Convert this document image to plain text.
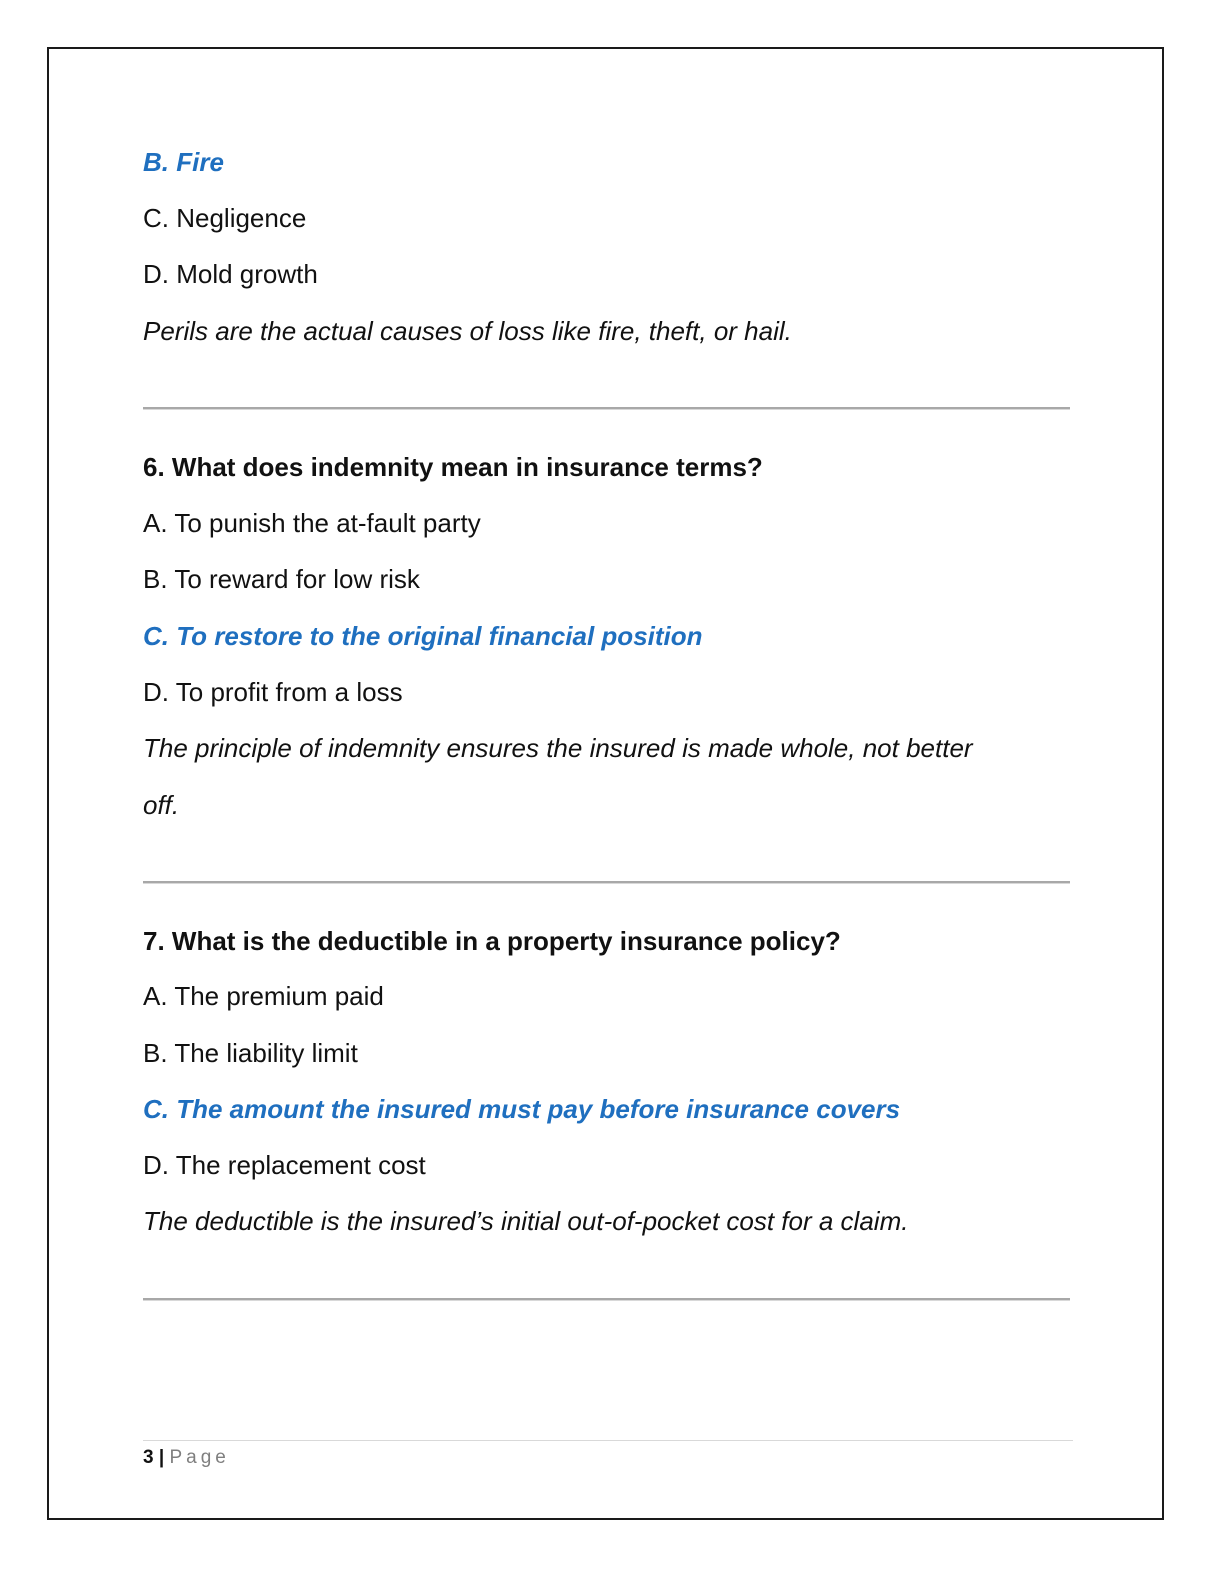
B. Fire
C. Negligence
D. Mold growth
Perils are the actual causes of loss like fire, theft, or hail.
6. What does indemnity mean in insurance terms?
A. To punish the at-fault party
B. To reward for low risk
C. To restore to the original financial position
D. To profit from a loss
The principle of indemnity ensures the insured is made whole, not better
off.
7. What is the deductible in a property insurance policy?
A. The premium paid
B. The liability limit
C. The amount the insured must pay before insurance covers
D. The replacement cost
The deductible is the insured’s initial out-of-pocket cost for a claim.
3 | Page
